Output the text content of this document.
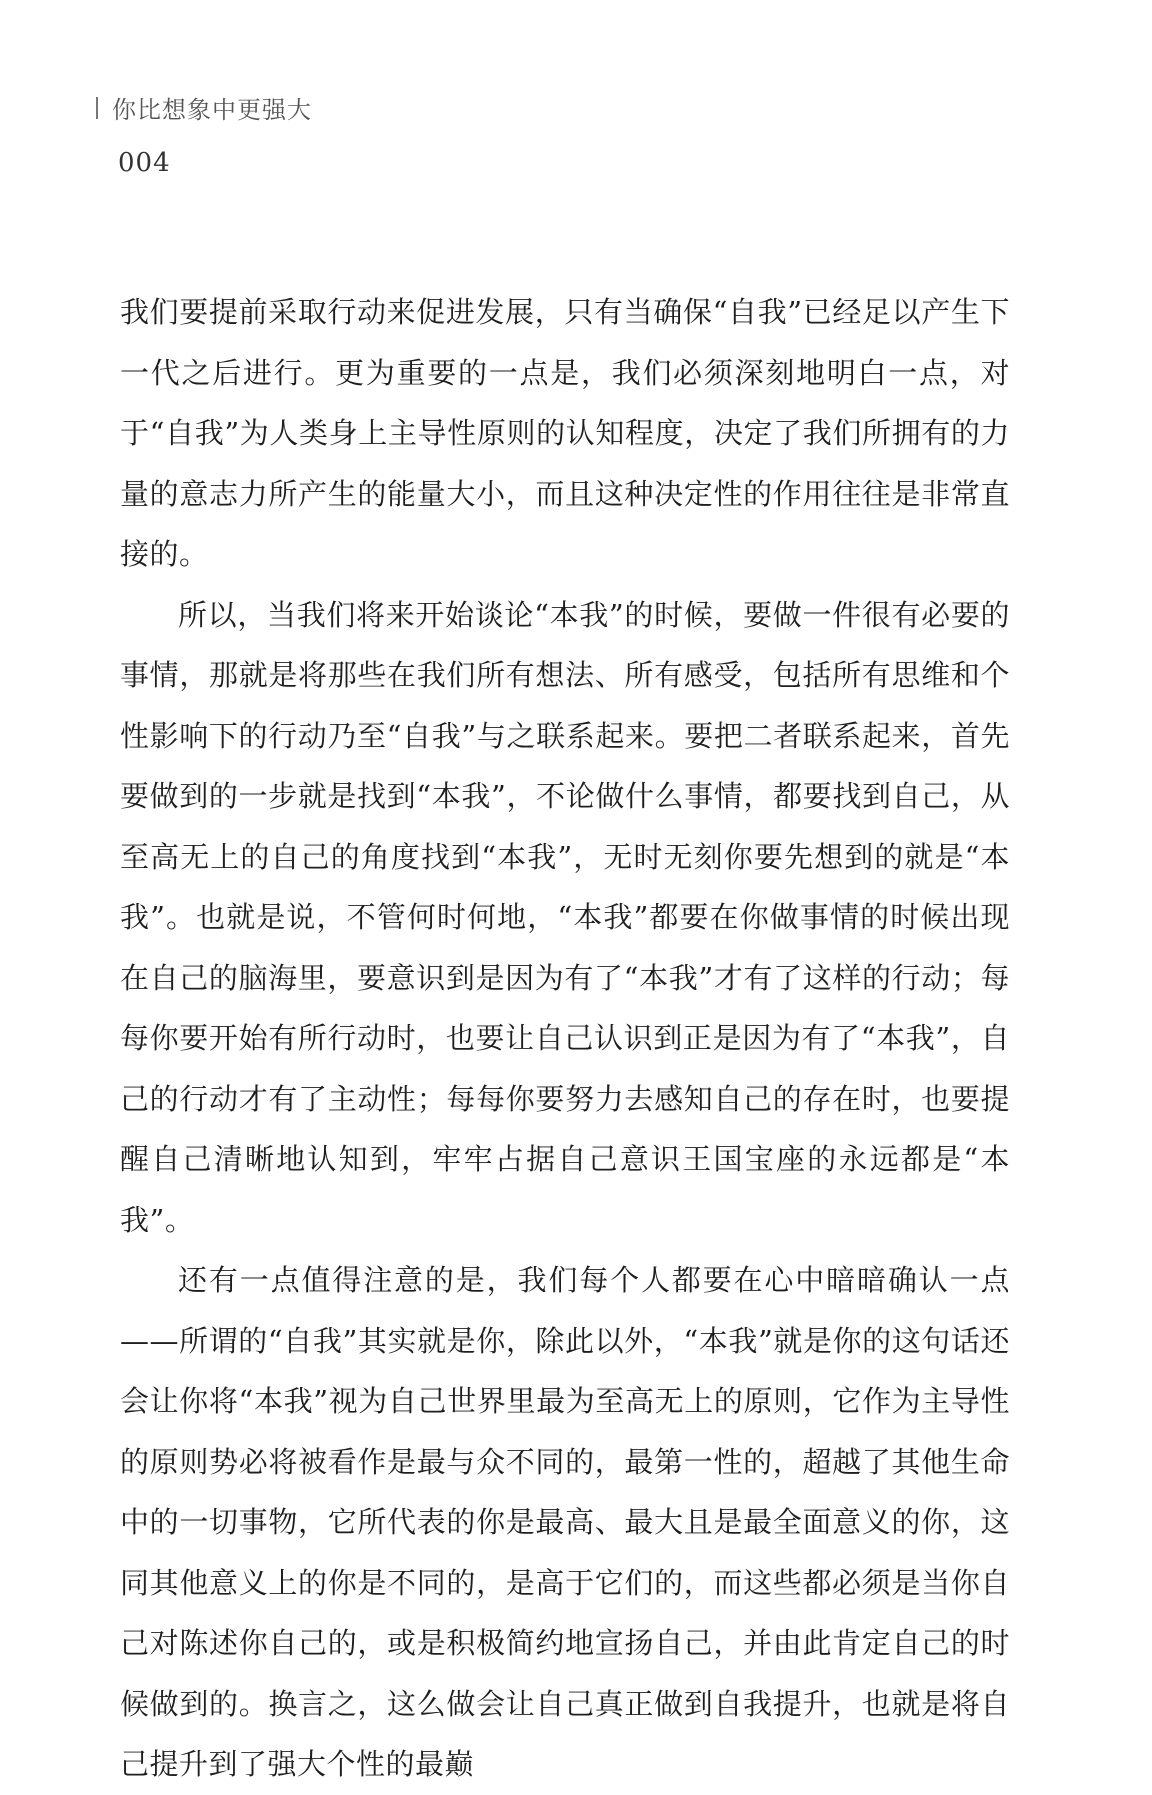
你比想象中更强大
004

我们要提前采取行动来促进发展，只有当确保“自我”已经足以产生下一代之后进行。更为重要的一点是，我们必须深刻地明白一点，对于“自我”为人类身上主导性原则的认知程度，决定了我们所拥有的力量的意志力所产生的能量大小，而且这种决定性的作用往往是非常直接的。

所以，当我们将来开始谈论“本我”的时候，要做一件很有必要的事情，那就是将那些在我们所有想法、所有感受，包括所有思维和个性影响下的行动乃至“自我”与之联系起来。要把二者联系起来，首先要做到的一步就是找到“本我”，不论做什么事情，都要找到自己，从至高无上的自己的角度找到“本我”，无时无刻你要先想到的就是“本我”。也就是说，不管何时何地，“本我”都要在你做事情的时候出现在自己的脑海里，要意识到是因为有了“本我”才有了这样的行动；每每你要开始有所行动时，也要让自己认识到正是因为有了“本我”，自己的行动才有了主动性；每每你要努力去感知自己的存在时，也要提醒自己清晰地认知到，牢牢占据自己意识王国宝座的永远都是“本我”。

还有一点值得注意的是，我们每个人都要在心中暗暗确认一点——所谓的“自我”其实就是你，除此以外，“本我”就是你的这句话还会让你将“本我”视为自己世界里最为至高无上的原则，它作为主导性的原则势必将被看作是最与众不同的，最第一性的，超越了其他生命中的一切事物，它所代表的你是最高、最大且是最全面意义的你，这同其他意义上的你是不同的，是高于它们的，而这些都必须是当你自己对陈述你自己的，或是积极简约地宣扬自己，并由此肯定自己的时候做到的。换言之，这么做会让自己真正做到自我提升，也就是将自己提升到了强大个性的最巅
